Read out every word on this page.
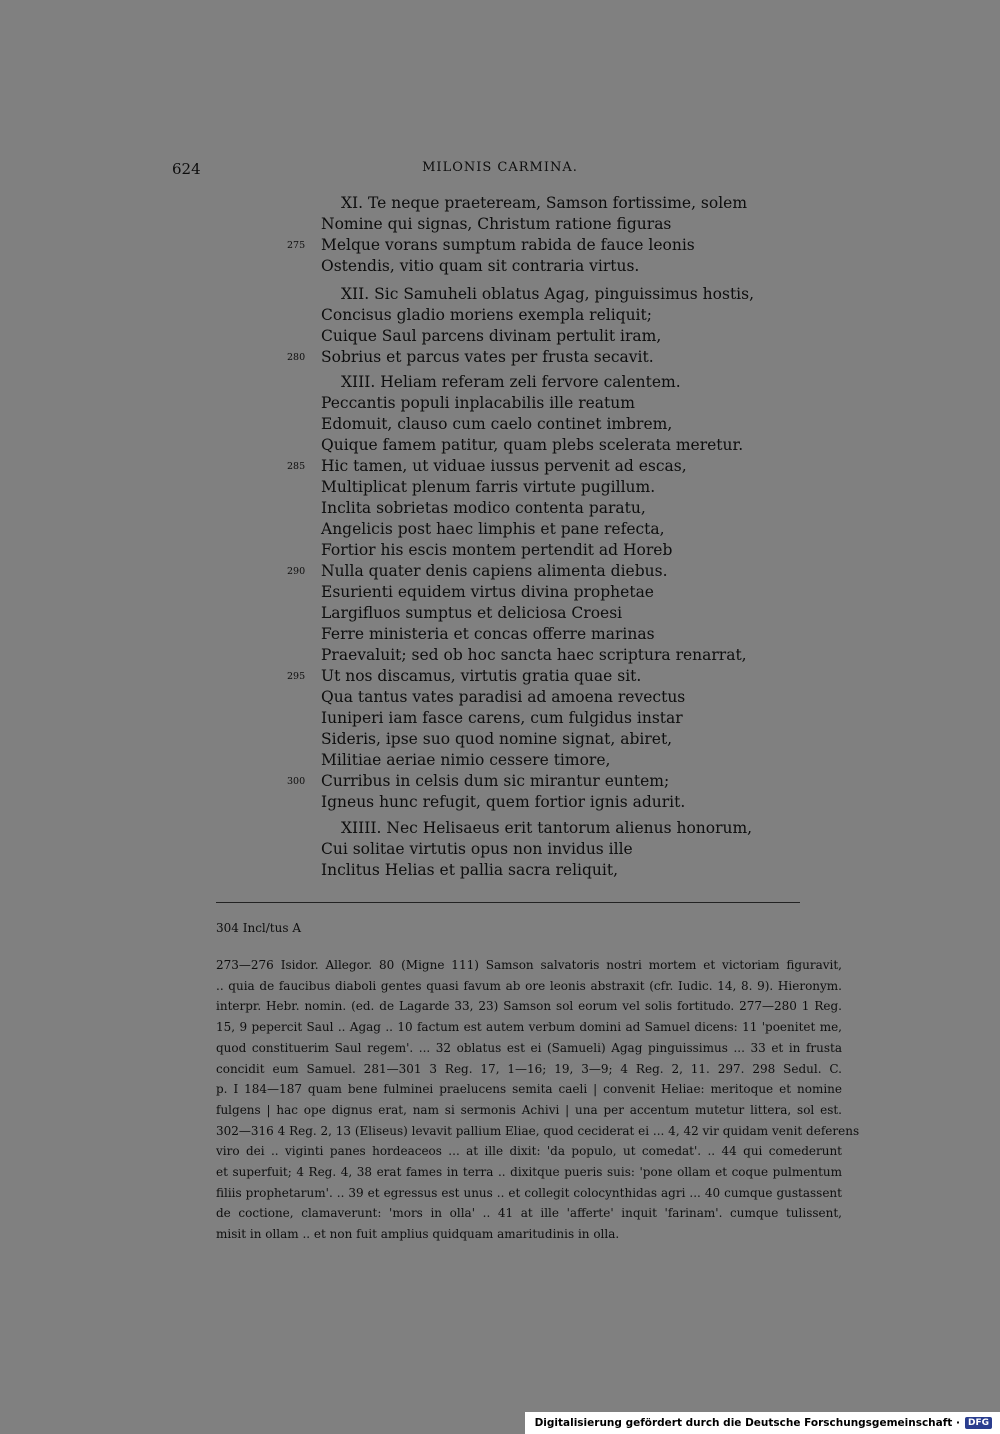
624	MILONIS CARMINA.
XI. Te neque praeteream, Samson fortissime, solem
Nomine qui signas, Christum ratione figuras
Melque vorans sumptum rabida de fauce leonis
275
Ostendis, vitio quam sit contraria virtus.
XII. Sic Samuheli oblatus Agag, pinguissimus hostis,
Concisus gladio moriens exempla reliquit;
Cuique Saul parcens divinam pertulit iram,
Sobrius et parcus vates per frusta secavit.
280
XIII. Heliam referam zeli fervore calentem.
Peccantis populi inplacabilis ille reatum
Edomuit, clauso cum caelo continet imbrem,
Quique famem patitur, quam plebs scelerata meretur.
Hic tamen, ut viduae iussus pervenit ad escas,
285
Multiplicat plenum farris virtute pugillum.
Inclita sobrietas modico contenta paratu,
Angelicis post haec limphis et pane refecta,
Fortior his escis montem pertendit ad Horeb
Nulla quater denis capiens alimenta diebus.
290
Esurienti equidem virtus divina prophetae
Largifluos sumptus et deliciosa Croesi
Ferre ministeria et concas offerre marinas
Praevaluit; sed ob hoc sancta haec scriptura renarrat,
Ut nos discamus, virtutis gratia quae sit.
295
Qua tantus vates paradisi ad amoena revectus
Iuniperi iam fasce carens, cum fulgidus instar
Sideris, ipse suo quod nomine signat, abiret,
Militiae aeriae nimio cessere timore,
Curribus in celsis dum sic mirantur euntem;
300
Igneus hunc refugit, quem fortior ignis adurit.
XIIII. Nec Helisaeus erit tantorum alienus honorum,
Cui solitae virtutis opus non invidus ille
Inclitus Helias et pallia sacra reliquit,
304 Incl/tus A
273—276 Isidor. Allegor. 80 (Migne 111) Samson salvatoris nostri mortem et victoriam figuravit,
.. quia de faucibus diaboli gentes quasi favum ab ore leonis abstraxit (cfr. Iudic. 14, 8. 9). Hieronym.
interpr. Hebr. nomin. (ed. de Lagarde 33, 23) Samson sol eorum vel solis fortitudo. 277—280 1 Reg.
15, 9 pepercit Saul .. Agag .. 10 factum est autem verbum domini ad Samuel dicens: 11 'poenitet me,
quod constituerim Saul regem'. ... 32 oblatus est ei (Samueli) Agag pinguissimus ... 33 et in frusta
concidit eum Samuel. 281—301 3 Reg. 17, 1—16; 19, 3—9; 4 Reg. 2, 11. 297. 298 Sedul. C.
p. I 184—187 quam bene fulminei praelucens semita caeli | convenit Heliae: meritoque et nomine
fulgens | hac ope dignus erat, nam si sermonis Achivi | una per accentum mutetur littera, sol est.
302—316 4 Reg. 2, 13 (Eliseus) levavit pallium Eliae, quod ceciderat ei ... 4, 42 vir quidam venit deferens
viro dei .. viginti panes hordeaceos ... at ille dixit: 'da populo, ut comedat'. .. 44 qui comederunt
et superfuit; 4 Reg. 4, 38 erat fames in terra .. dixitque pueris suis: 'pone ollam et coque pulmentum
filiis prophetarum'. .. 39 et egressus est unus .. et collegit colocynthidas agri ... 40 cumque gustassent
de coctione, clamaverunt: 'mors in olla' .. 41 at ille 'afferte' inquit 'farinam'. cumque tulissent,
misit in ollam .. et non fuit amplius quidquam amaritudinis in olla.
Digitalisierung gefördert durch die Deutsche Forschungsgemeinschaft · DFG
